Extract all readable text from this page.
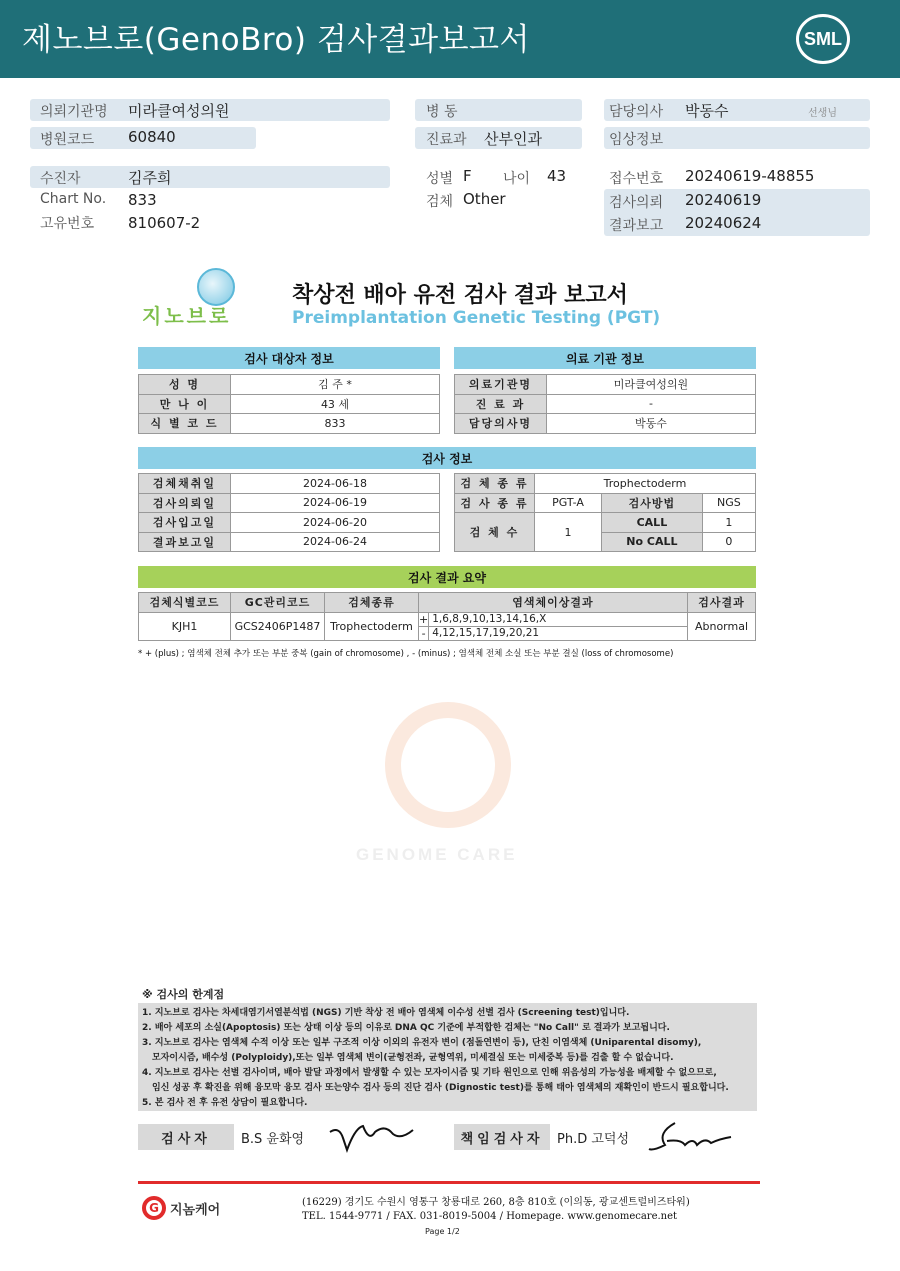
제노브로(GenoBro) 검사결과보고서	SML
의뢰기관명 미라클여성의원
병원코드 60840
수진자	김주희
Chart No. 833
고유번호 810607-2
병 동
진료과 산부인과
성별 F 나이 43
검체 Other
담당의사 박동수	선생님
임상정보
접수번호 20240619-48855
검사의뢰 20240619
결과보고 20240624
지노브로
착상전 배아 유전 검사 결과 보고서
Preimplantation Genetic Testing (PGT)
검사 대상자 정보	의료 기관 정보
성 명	김 주 *
만 나 이	43 세
식 별 코 드	833
의료기관명	미라클여성의원
진 료 과	-
담당의사명	박동수
검사 정보
검체채취일	2024-06-18
검사의뢰일	2024-06-19
검사입고일	2024-06-20
결과보고일	2024-06-24
검 체 종 류	Trophectoderm		
검 사 종 류	PGT-A	검사방법	NGS
검 체 수	1	CALL	1
		No CALL	0
검사 결과 요약
검체식별코드	GC관리코드	검체종류	염색체이상결과		검사결과
KJH1	GCS2406P1487	Trophectoderm	+	1,6,8,9,10,13,14,16,X	Abnormal
			-	4,12,15,17,19,20,21	
* + (plus) ; 염색체 전체 추가 또는 부분 중복 (gain of chromosome) , - (minus) ; 염색체 전체 소실 또는 부분 결실 (loss of chromosome)
GENOME CARE
※ 검사의 한계점
1. 지노브로 검사는 차세대염기서열분석법 (NGS) 기반 착상 전 배아 염색체 이수성 선별 검사 (Screening test)입니다.
2. 배아 세포의 소실(Apoptosis) 또는 상태 이상 등의 이유로 DNA QC 기준에 부적합한 검체는 "No Call" 로 결과가 보고됩니다.
3. 지노브로 검사는 염색체 수적 이상 또는 일부 구조적 이상 이외의 유전자 변이 (점돌연변이 등), 단친 이염색체 (Uniparental disomy),
모자이시즘, 배수성 (Polyploidy),또는 일부 염색체 변이(균형전좌, 균형역위, 미세결실 또는 미세중복 등)를 검출 할 수 없습니다.
4. 지노브로 검사는 선별 검사이며, 배아 발달 과정에서 발생할 수 있는 모자이시즘 및 기타 원인으로 인해 위음성의 가능성을 배제할 수 없으므로,
임신 성공 후 확진을 위해 융모막 융모 검사 또는양수 검사 등의 진단 검사 (Dignostic test)를 통해 태아 염색체의 재확인이 반드시 필요합니다.
5. 본 검사 전 후 유전 상담이 필요합니다.
검사자	B.S 윤화영	책임검사자	Ph.D 고덕성
G 지놈케어	(16229) 경기도 수원시 영통구 창룡대로 260, 8층 810호 (이의동, 광교센트럴비즈타워)
TEL. 1544-9771 / FAX. 031-8019-5004 / Homepage. www.genomecare.net
Page 1/2
